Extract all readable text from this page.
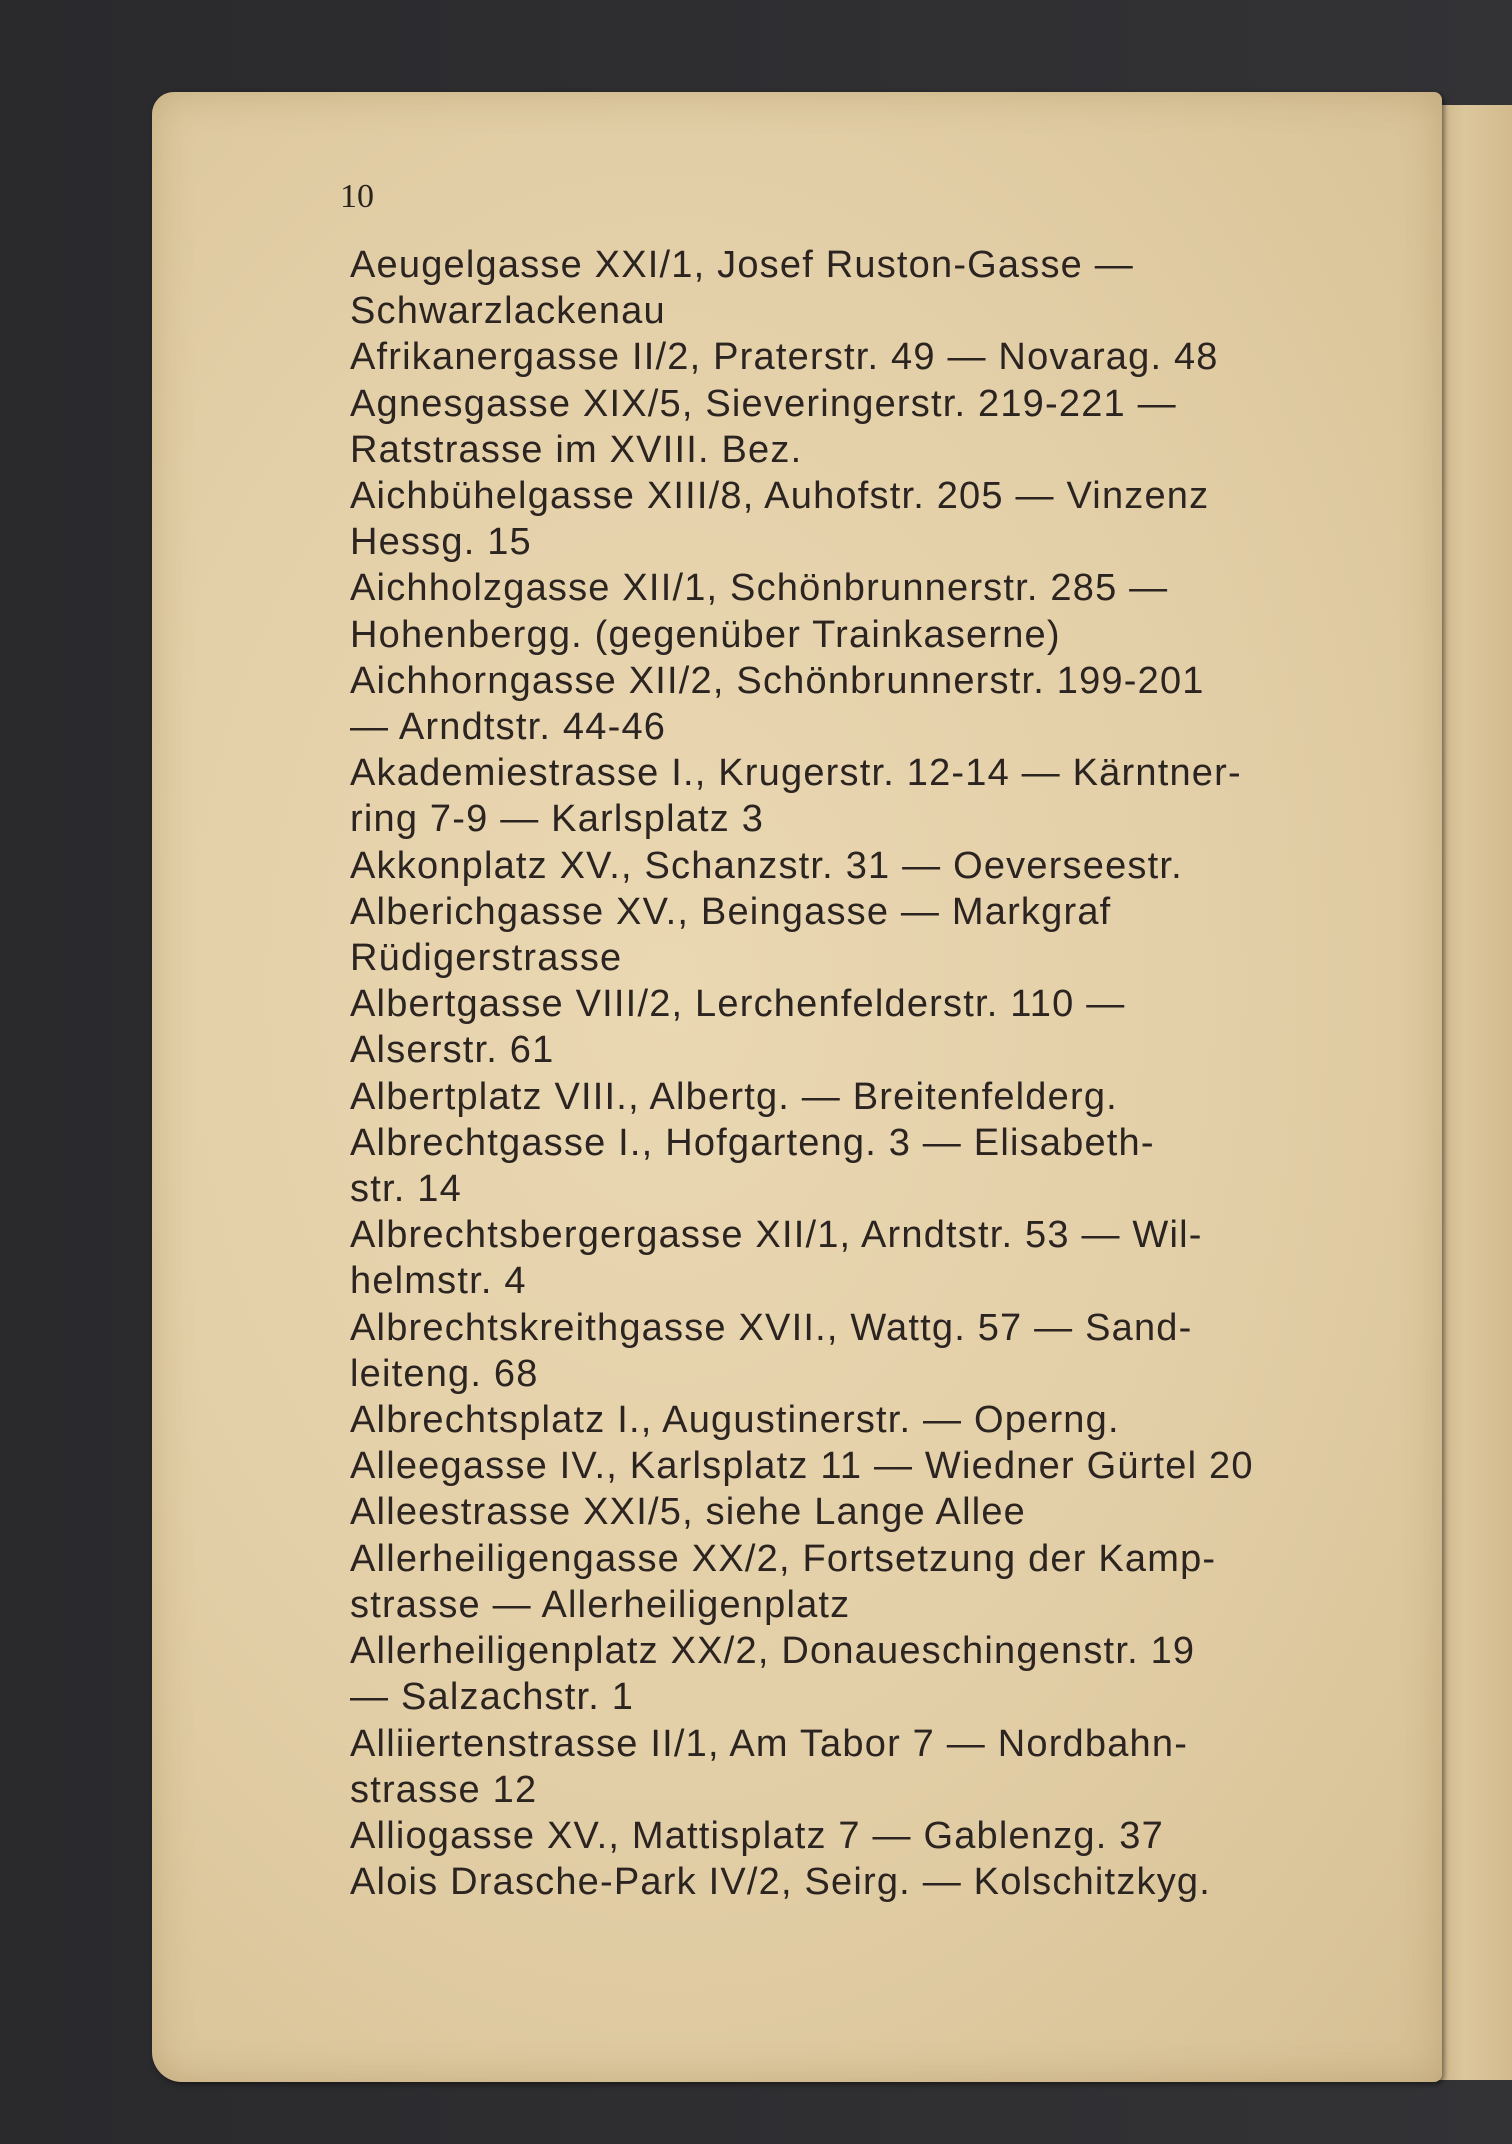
10

Aeugelgasse XXI/1, Josef Ruston-Gasse —
Schwarzlackenau

Afrikanergasse II/2, Praterstr. 49 — Novarag. 48

Agnesgasse XIX/5, Sieveringerstr. 219-221 —
Ratstrasse im XVIII. Bez.

Aichbühelgasse XIII/8, Auhofstr. 205 — Vinzenz
Hessg. 15

Aichholzgasse XII/1, Schönbrunnerstr. 285 —
Hohenbergg. (gegenüber Trainkaserne)

Aichhorngasse XII/2, Schönbrunnerstr. 199-201
— Arndtstr. 44-46

Akademiestrasse I., Krugerstr. 12-14 — Kärntner-
ring 7-9 — Karlsplatz 3

Akkonplatz XV., Schanzstr. 31 — Oeverseestr.

Alberichgasse XV., Beingasse — Markgraf
Rüdigerstrasse

Albertgasse VIII/2, Lerchenfelderstr. 110 —
Alserstr. 61

Albertplatz VIII., Albertg. — Breitenfelderg.

Albrechtgasse I., Hofgarteng. 3 — Elisabeth-
str. 14

Albrechtsbergergasse XII/1, Arndtstr. 53 — Wil-
helmstr. 4

Albrechtskreithgasse XVII., Wattg. 57 — Sand-
leiteng. 68

Albrechtsplatz I., Augustinerstr. — Operng.

Alleegasse IV., Karlsplatz 11 — Wiedner Gürtel 20

Alleestrasse XXI/5, siehe Lange Allee

Allerheiligengasse XX/2, Fortsetzung der Kamp-
strasse — Allerheiligenplatz

Allerheiligenplatz XX/2, Donaueschingenstr. 19
— Salzachstr. 1

Alliiertenstrasse II/1, Am Tabor 7 — Nordbahn-
strasse 12

Alliogasse XV., Mattisplatz 7 — Gablenzg. 37

Alois Drasche-Park IV/2, Seirg. — Kolschitzkyg.
